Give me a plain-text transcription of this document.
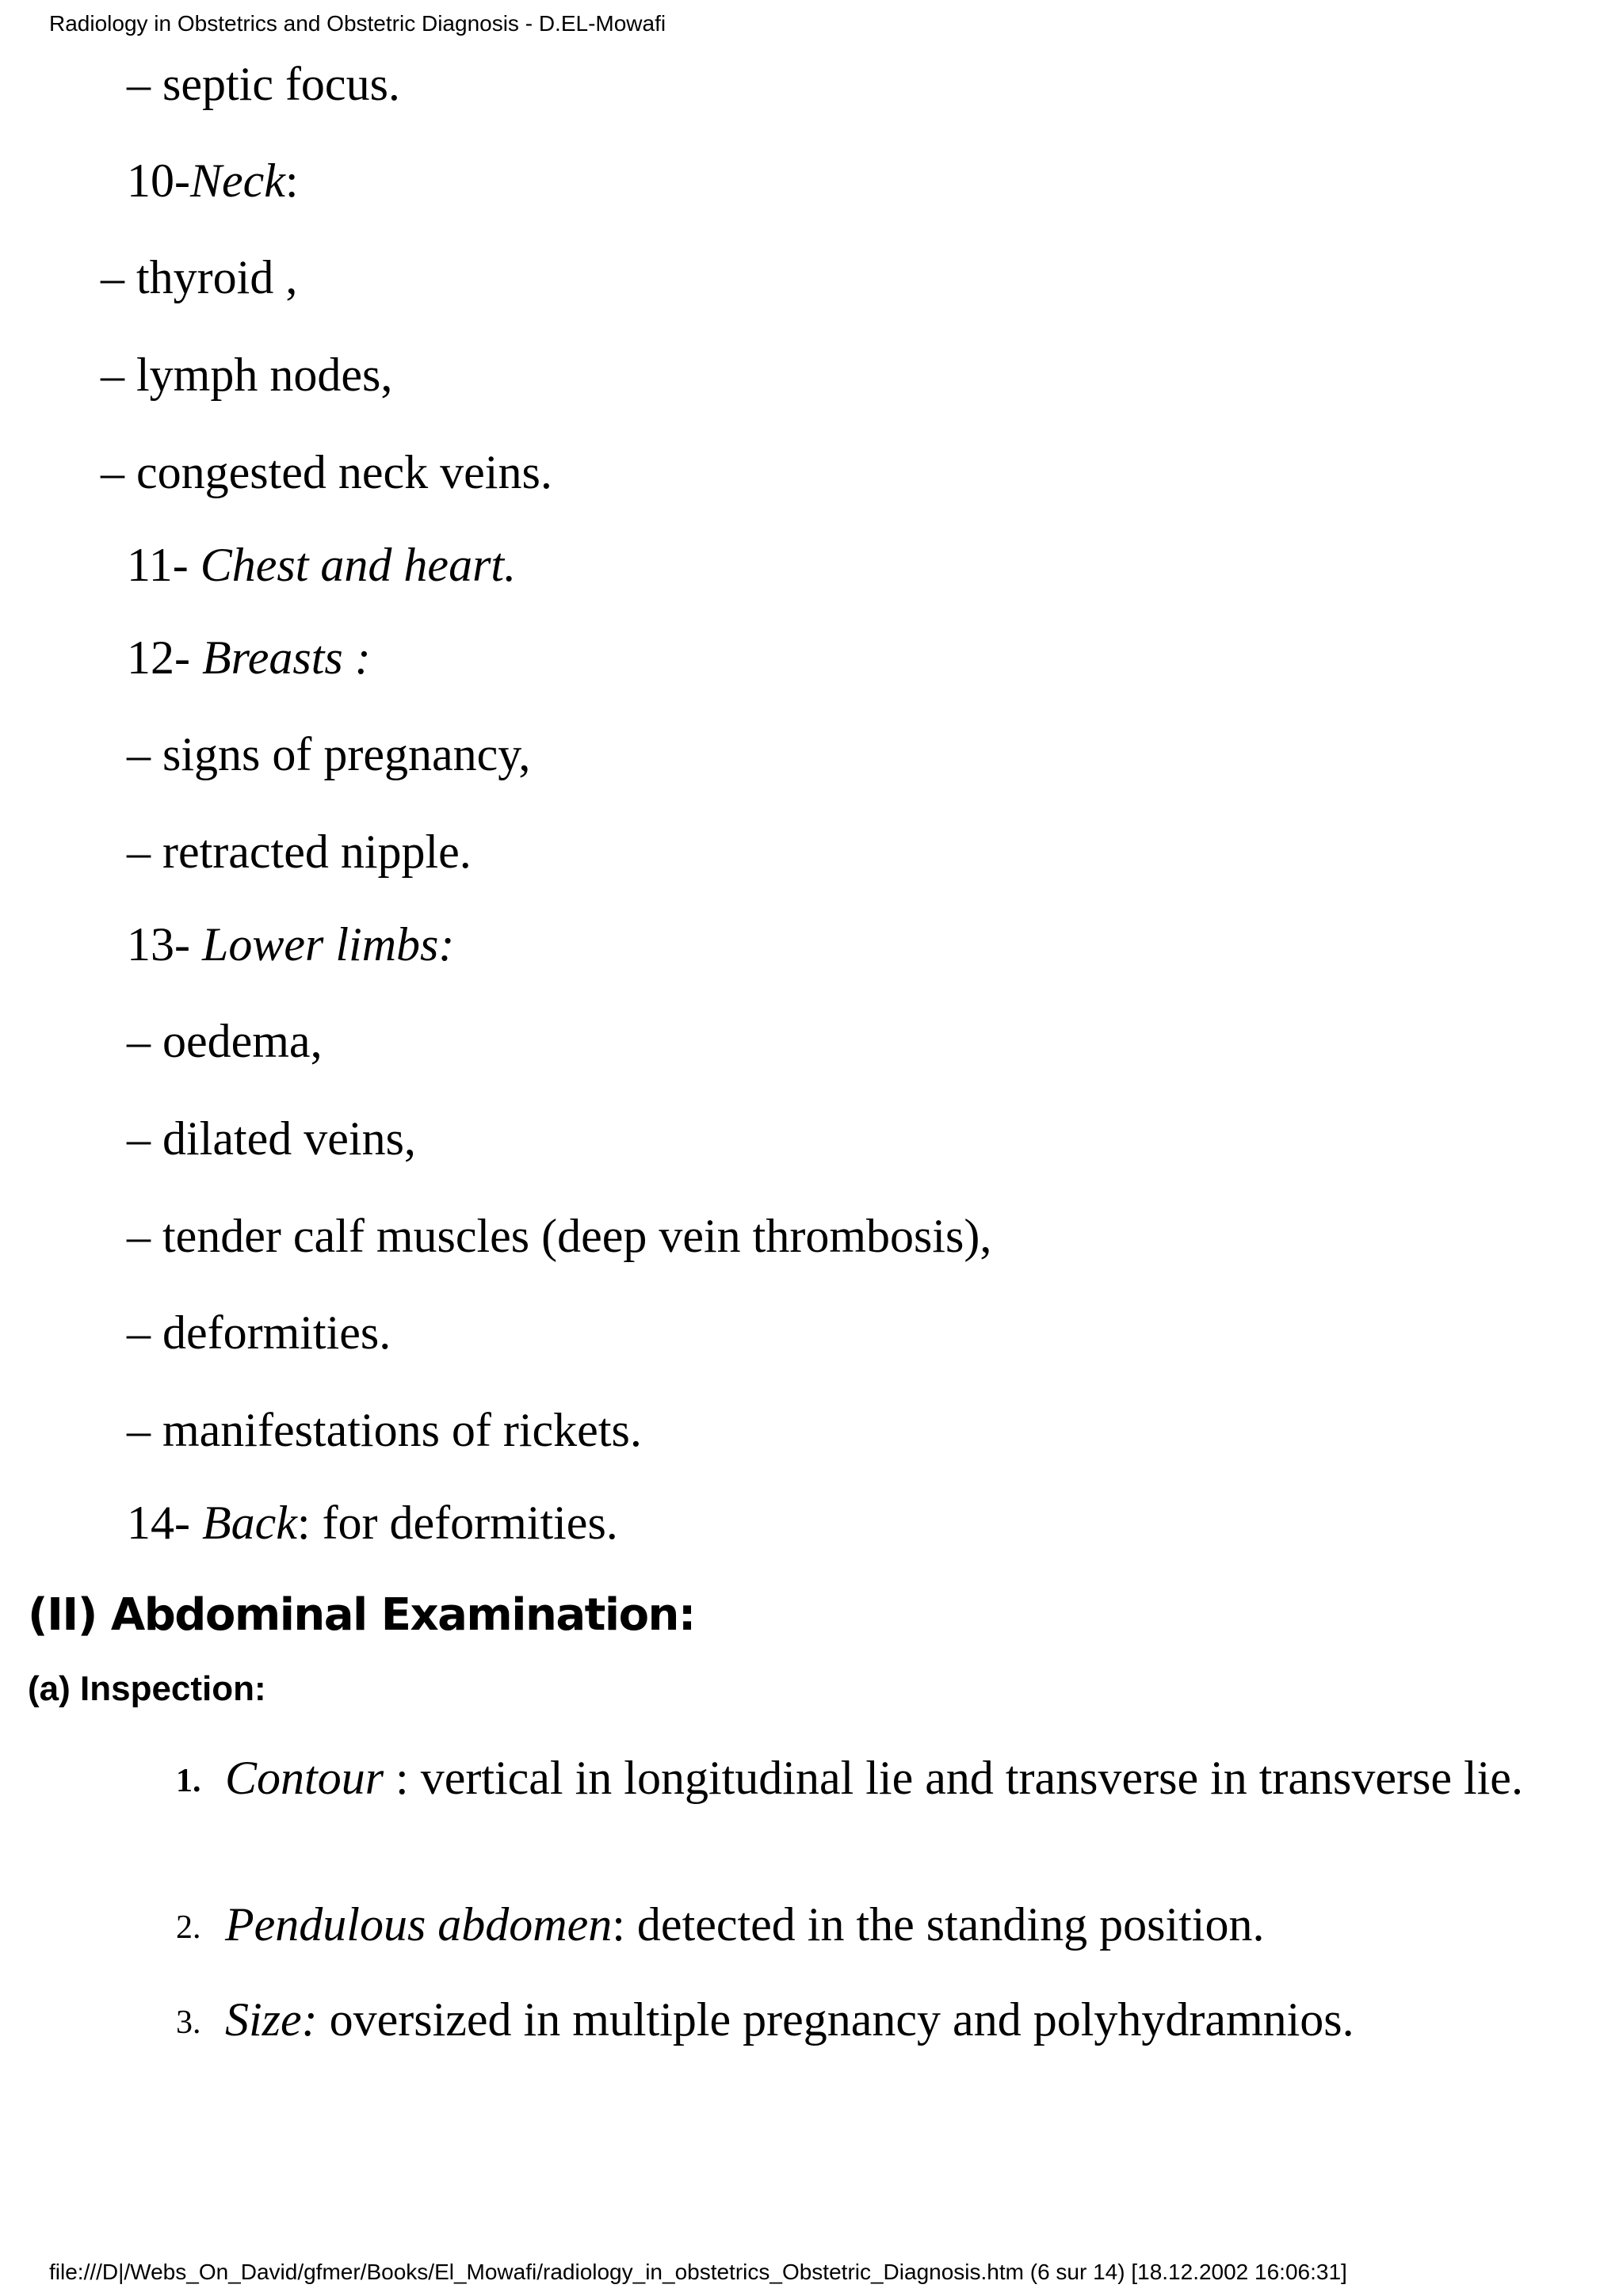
Radiology in Obstetrics and Obstetric Diagnosis - D.EL-Mowafi
– septic focus.
10-Neck:
– thyroid ,
– lymph nodes,
– congested neck veins.
11- Chest and heart.
12- Breasts :
– signs of pregnancy,
– retracted nipple.
13- Lower limbs:
– oedema,
– dilated veins,
– tender calf muscles (deep vein thrombosis),
– deformities.
– manifestations of rickets.
14- Back: for deformities.
(II) Abdominal Examination:
(a) Inspection:
1. Contour : vertical in longitudinal lie and transverse in transverse lie.
2. Pendulous abdomen: detected in the standing position.
3. Size: oversized in multiple pregnancy and polyhydramnios.
file:///D|/Webs_On_David/gfmer/Books/El_Mowafi/radiology_in_obstetrics_Obstetric_Diagnosis.htm (6 sur 14) [18.12.2002 16:06:31]
